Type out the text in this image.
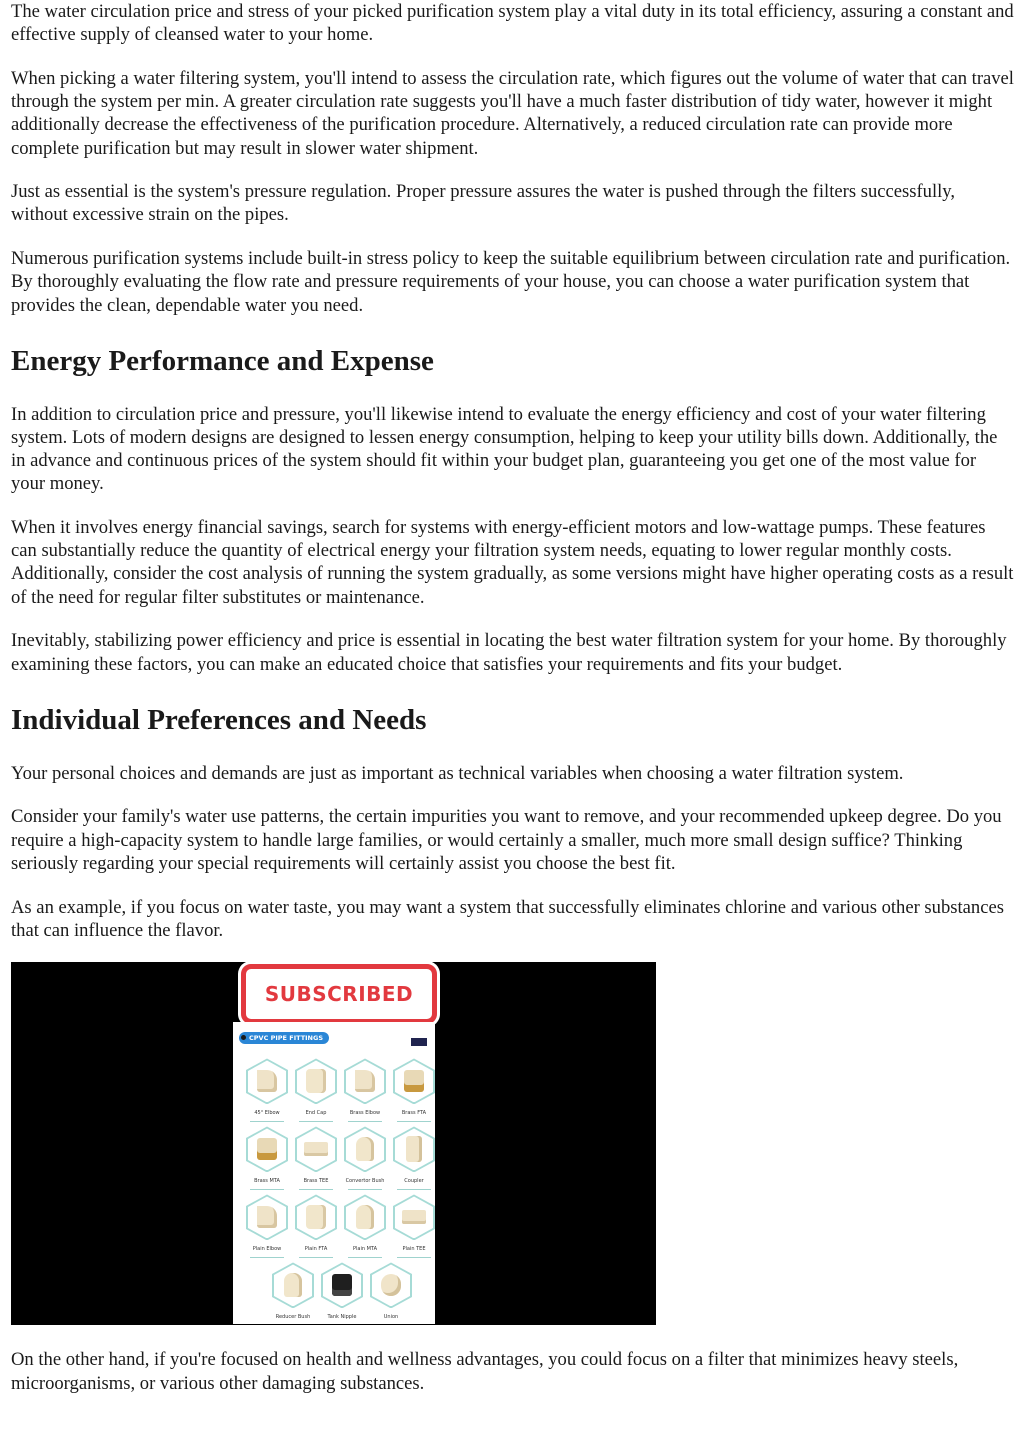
The water circulation price and stress of your picked purification system play a vital duty in its total efficiency, assuring a constant and effective supply of cleansed water to your home.

When picking a water filtering system, you'll intend to assess the circulation rate, which figures out the volume of water that can travel through the system per min. A greater circulation rate suggests you'll have a much faster distribution of tidy water, however it might additionally decrease the effectiveness of the purification procedure. Alternatively, a reduced circulation rate can provide more complete purification but may result in slower water shipment.

Just as essential is the system's pressure regulation. Proper pressure assures the water is pushed through the filters successfully, without excessive strain on the pipes.

Numerous purification systems include built-in stress policy to keep the suitable equilibrium between circulation rate and purification. By thoroughly evaluating the flow rate and pressure requirements of your house, you can choose a water purification system that provides the clean, dependable water you need.

Energy Performance and Expense

In addition to circulation price and pressure, you'll likewise intend to evaluate the energy efficiency and cost of your water filtering system. Lots of modern designs are designed to lessen energy consumption, helping to keep your utility bills down. Additionally, the in advance and continuous prices of the system should fit within your budget plan, guaranteeing you get one of the most value for your money.

When it involves energy financial savings, search for systems with energy-efficient motors and low-wattage pumps. These features can substantially reduce the quantity of electrical energy your filtration system needs, equating to lower regular monthly costs. Additionally, consider the cost analysis of running the system gradually, as some versions might have higher operating costs as a result of the need for regular filter substitutes or maintenance.

Inevitably, stabilizing power efficiency and price is essential in locating the best water filtration system for your home. By thoroughly examining these factors, you can make an educated choice that satisfies your requirements and fits your budget.

Individual Preferences and Needs

Your personal choices and demands are just as important as technical variables when choosing a water filtration system.

Consider your family's water use patterns, the certain impurities you want to remove, and your recommended upkeep degree. Do you require a high-capacity system to handle large families, or would certainly a smaller, much more small design suffice? Thinking seriously regarding your special requirements will certainly assist you choose the best fit.

As an example, if you focus on water taste, you may want a system that successfully eliminates chlorine and various other substances that can influence the flavor.

SUBSCRIBED
CPVC PIPE FITTINGS
45° Elbow	End Cap	Brass Elbow	Brass FTA
Brass MTA	Brass TEE	Convertor Bush	Coupler
Plain Elbow	Plain FTA	Plain MTA	Plain TEE
Reducer Bush	Tank Nipple	Union

On the other hand, if you're focused on health and wellness advantages, you could focus on a filter that minimizes heavy steels, microorganisms, or various other damaging substances.
